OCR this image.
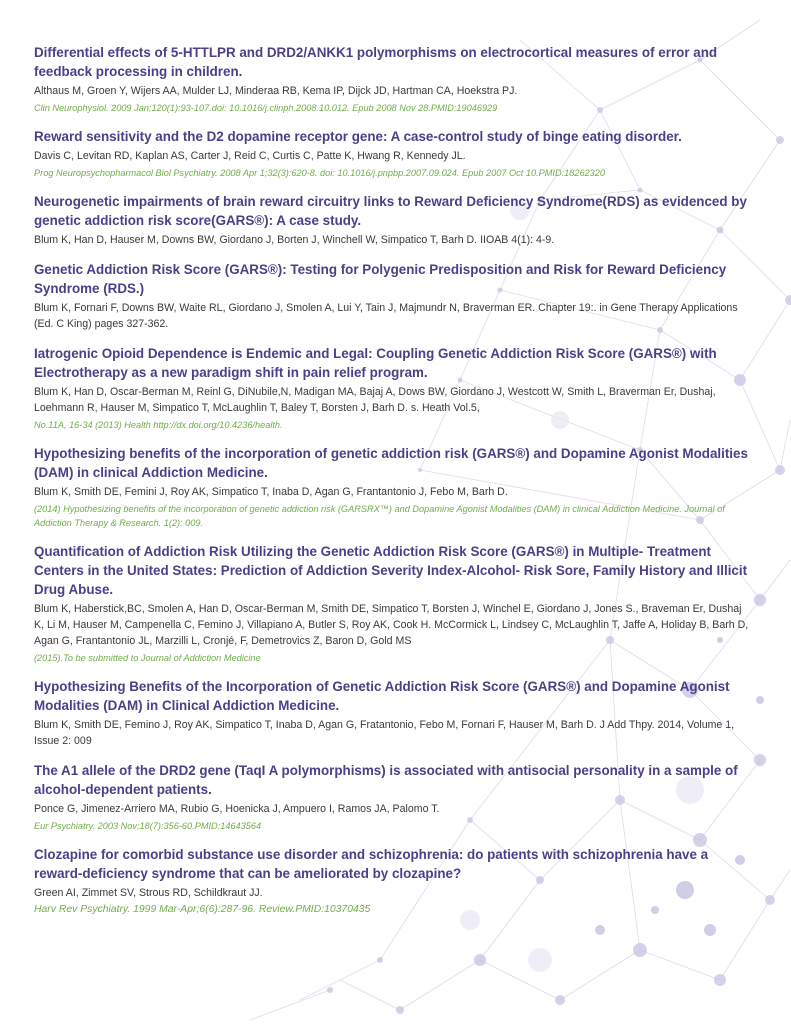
Differential effects of 5-HTTLPR and DRD2/ANKK1 polymorphisms on electrocortical measures of error and feedback processing in children.

Althaus M, Groen Y, Wijers AA, Mulder LJ, Minderaa RB, Kema IP, Dijck JD, Hartman CA, Hoekstra PJ.

Clin Neurophysiol. 2009 Jan;120(1):93-107.doi: 10.1016/j.clinph.2008.10.012. Epub 2008 Nov 28.PMID:19046929

Reward sensitivity and the D2 dopamine receptor gene: A case-control study of binge eating disorder.

Davis C, Levitan RD, Kaplan AS, Carter J, Reid C, Curtis C, Patte K, Hwang R, Kennedy JL.

Prog Neuropsychopharmacol Biol Psychiatry. 2008 Apr 1;32(3):620-8. doi: 10.1016/j.pnpbp.2007.09.024. Epub 2007 Oct 10.PMID:18262320

Neurogenetic impairments of brain reward circuitry links to Reward Deficiency Syndrome(RDS) as evidenced by genetic addiction risk score(GARS®): A case study.

Blum K, Han D, Hauser M, Downs BW, Giordano J, Borten J, Winchell W, Simpatico T, Barh D. IIOAB 4(1): 4-9.

Genetic Addiction Risk Score (GARS®): Testing for Polygenic Predisposition and Risk for Reward Deficiency Syndrome (RDS.)

Blum K, Fornari F, Downs BW, Waite RL, Giordano J, Smolen A, Lui Y, Tain J, Majmundr N, Braverman ER. Chapter 19:. in Gene Therapy Applications (Ed. C King) pages 327-362.

Iatrogenic Opioid Dependence is Endemic and Legal: Coupling Genetic Addiction Risk Score (GARS®) with Electrotherapy as a new paradigm shift in pain relief program.

Blum K, Han D, Oscar-Berman M, Reinl G, DiNubile,N, Madigan MA, Bajaj A, Dows BW, Giordano J, Westcott W, Smith L, Braverman Er, Dushaj, Loehmann R, Hauser M, Simpatico T, McLaughlin T, Baley T, Borsten J, Barh D. s. Heath Vol.5,

No.11A, 16-34 (2013) Health http://dx.doi.org/10.4236/health.

Hypothesizing benefits of the incorporation of genetic addiction risk (GARS®) and Dopamine Agonist Modalities (DAM) in clinical Addiction Medicine.

Blum K, Smith DE, Femini J, Roy AK, Simpatico T, Inaba D, Agan G, Frantantonio J, Febo M, Barh D.

(2014) Hypothesizing benefits of the incorporation of genetic addiction risk (GARSRX™) and Dopamine Agonist Modalities (DAM) in clinical Addiction Medicine. Journal of Addiction Therapy & Research. 1(2): 009.

Quantification of Addiction Risk Utilizing the Genetic Addiction Risk Score (GARS®) in Multiple- Treatment Centers in the United States: Prediction of Addiction Severity Index-Alcohol- Risk Sore, Family History and Illicit Drug Abuse.

Blum K, Haberstick,BC, Smolen A, Han D, Oscar-Berman M, Smith DE, Simpatico T, Borsten J, Winchel E, Giordano J, Jones S., Braveman Er, Dushaj K, Li M, Hauser M, Campenella C, Femino J, Villapiano A, Butler S, Roy AK, Cook H. McCormick L, Lindsey C, McLaughlin T, Jaffe A, Holiday B, Barh D, Agan G, Frantantonio JL, Marzilli L, Cronjé, F, Demetrovics Z, Baron D, Gold MS

(2015).To be submitted to Journal of Addiction Medicine

Hypothesizing Benefits of the Incorporation of Genetic Addiction Risk Score (GARS®) and Dopamine Agonist Modalities (DAM) in Clinical Addiction Medicine.

Blum K, Smith DE, Femino J, Roy AK, Simpatico T, Inaba D, Agan G, Fratantonio, Febo M, Fornari F, Hauser M, Barh D. J Add Thpy. 2014, Volume 1, Issue 2: 009

The A1 allele of the DRD2 gene (TaqI A polymorphisms) is associated with antisocial personality in a sample of alcohol-dependent patients.

Ponce G, Jimenez-Arriero MA, Rubio G, Hoenicka J, Ampuero I, Ramos JA, Palomo T.

Eur Psychiatry. 2003 Nov;18(7):356-60.PMID:14643564

Clozapine for comorbid substance use disorder and schizophrenia: do patients with schizophrenia have a reward-deficiency syndrome that can be ameliorated by clozapine?

Green AI, Zimmet SV, Strous RD, Schildkraut JJ.

Harv Rev Psychiatry. 1999 Mar-Apr;6(6):287-96. Review.PMID:10370435
